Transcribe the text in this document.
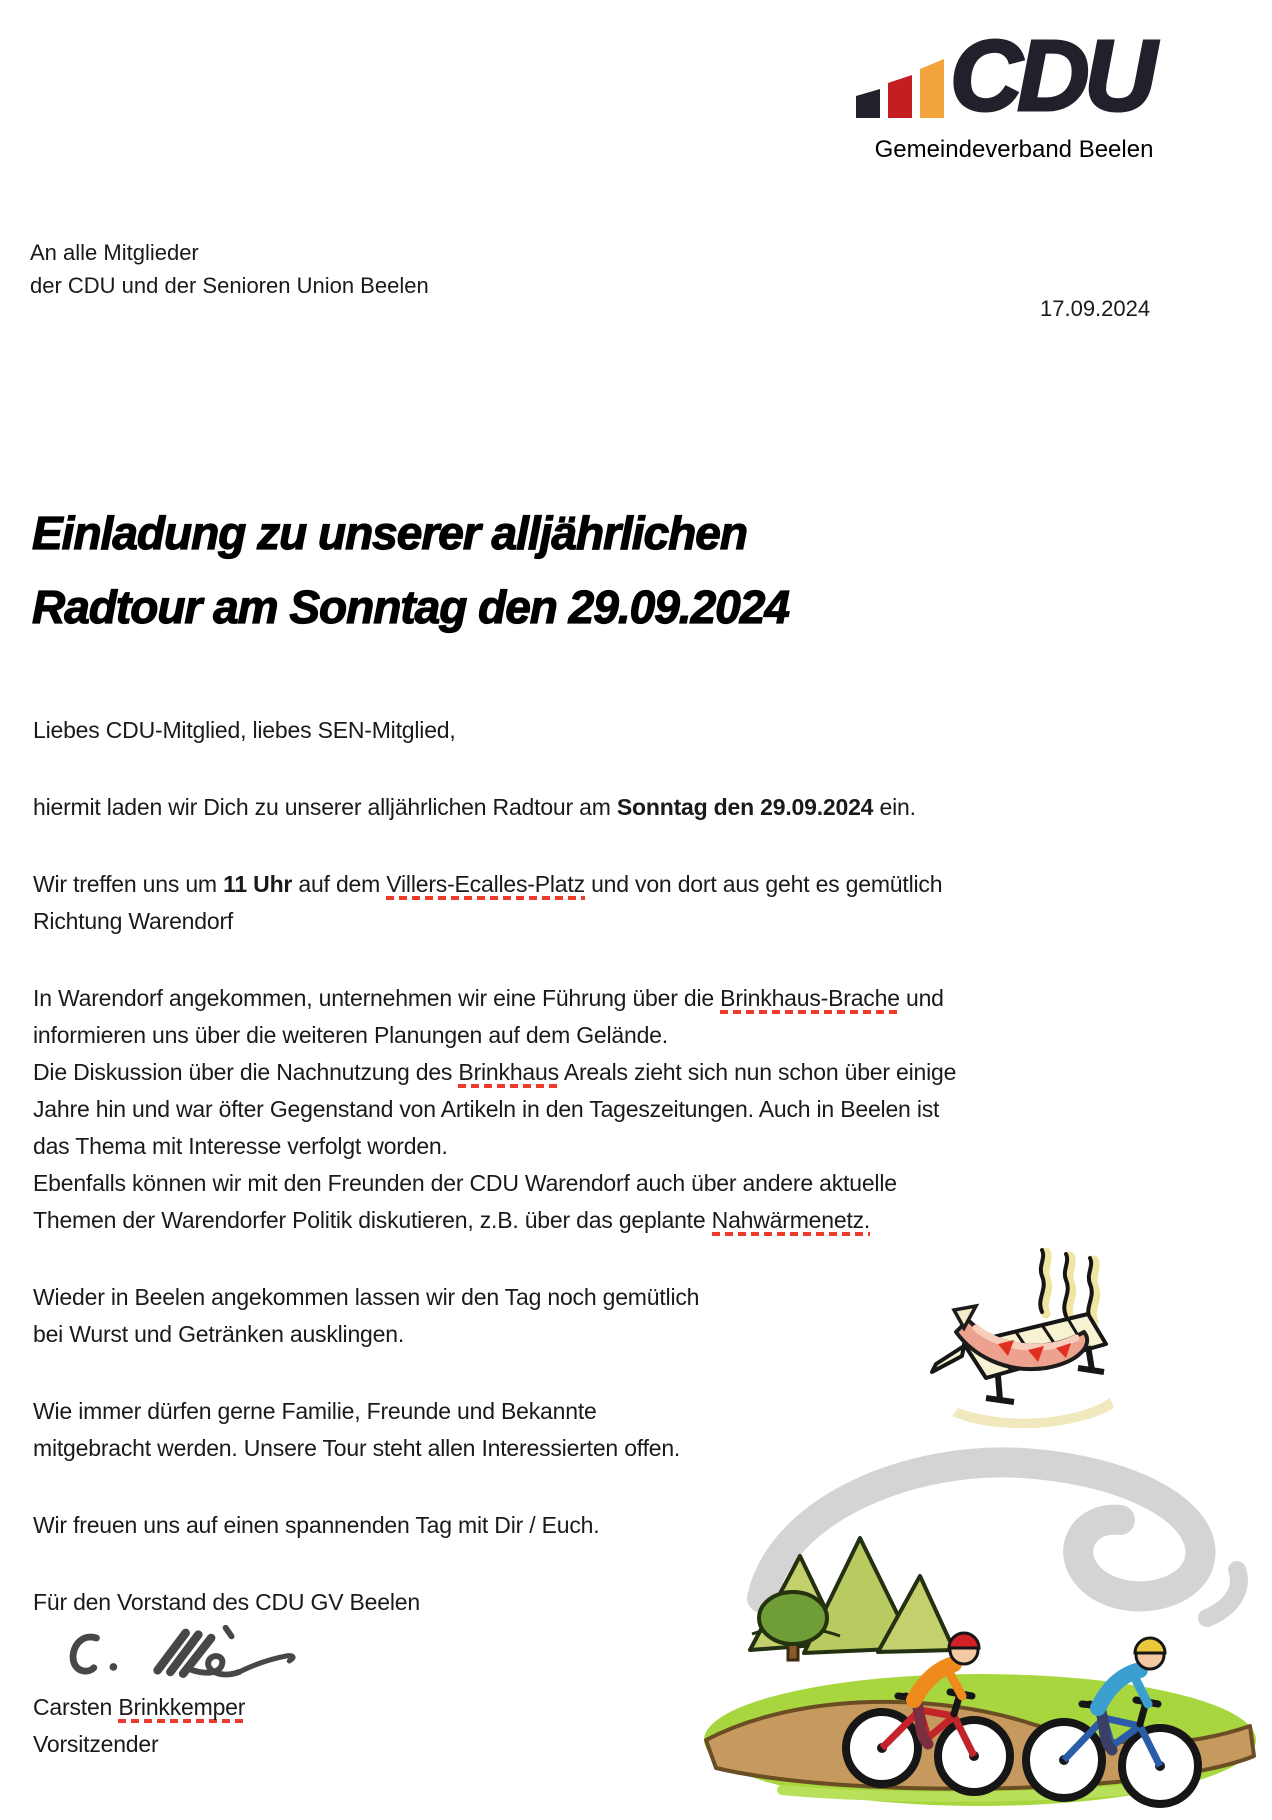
CDU
Gemeindeverband Beelen
An alle Mitglieder
der CDU und der Senioren Union Beelen
17.09.2024
Einladung zu unserer alljährlichen
Radtour am Sonntag den 29.09.2024

Liebes CDU-Mitglied, liebes SEN-Mitglied,

hiermit laden wir Dich zu unserer alljährlichen Radtour am Sonntag den 29.09.2024 ein.

Wir treffen uns um 11 Uhr auf dem Villers-Ecalles-Platz und von dort aus geht es gemütlich
Richtung Warendorf

In Warendorf angekommen, unternehmen wir eine Führung über die Brinkhaus-Brache und
informieren uns über die weiteren Planungen auf dem Gelände.
Die Diskussion über die Nachnutzung des Brinkhaus Areals zieht sich nun schon über einige
Jahre hin und war öfter Gegenstand von Artikeln in den Tageszeitungen. Auch in Beelen ist
das Thema mit Interesse verfolgt worden.
Ebenfalls können wir mit den Freunden der CDU Warendorf auch über andere aktuelle
Themen der Warendorfer Politik diskutieren, z.B. über das geplante Nahwärmenetz.

Wieder in Beelen angekommen lassen wir den Tag noch gemütlich
bei Wurst und Getränken ausklingen.

Wie immer dürfen gerne Familie, Freunde und Bekannte
mitgebracht werden. Unsere Tour steht allen Interessierten offen.

Wir freuen uns auf einen spannenden Tag mit Dir / Euch.

Für den Vorstand des CDU GV Beelen

Carsten Brinkkemper
Vorsitzender
